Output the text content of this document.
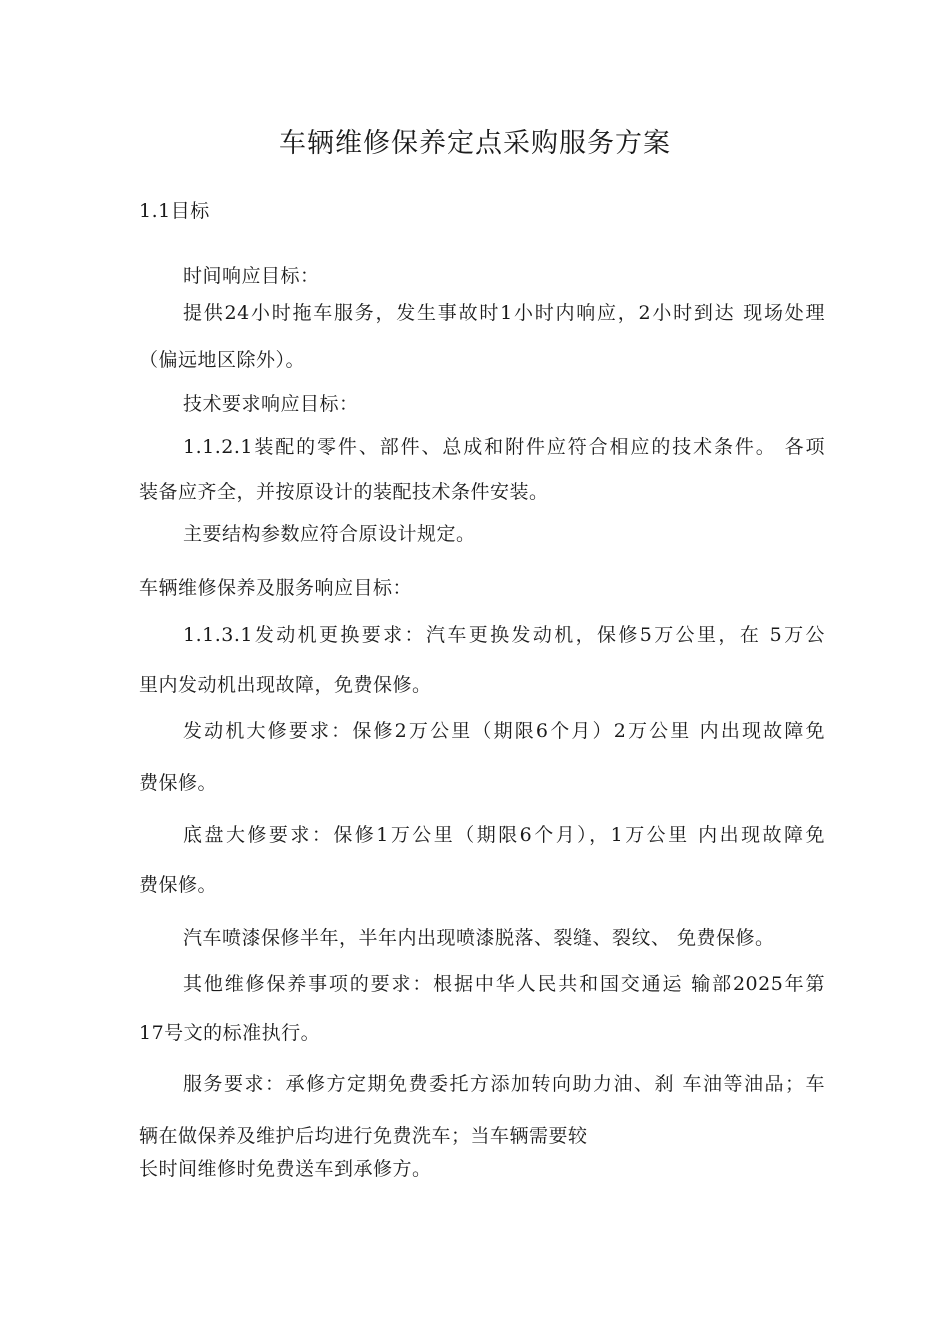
车辆维修保养定点采购服务方案
1.1目标
时间响应目标：
提供24小时拖车服务，发生事故时1小时内响应，2小时到达 现场处理
（偏远地区除外）。
技术要求响应目标：
1.1.2.1装配的零件、部件、总成和附件应符合相应的技术条件。 各项
装备应齐全，并按原设计的装配技术条件安装。
主要结构参数应符合原设计规定。
车辆维修保养及服务响应目标：
1.1.3.1发动机更换要求：汽车更换发动机，保修5万公里，在 5万公
里内发动机出现故障，免费保修。
发动机大修要求：保修2万公里（期限6个月）2万公里 内出现故障免
费保修。
底盘大修要求：保修1万公里（期限6个月），1万公里 内出现故障免
费保修。
汽车喷漆保修半年，半年内出现喷漆脱落、裂缝、裂纹、 免费保修。
其他维修保养事项的要求：根据中华人民共和国交通运 输部2025年第
17号文的标准执行。
服务要求：承修方定期免费委托方添加转向助力油、刹 车油等油品；车
辆在做保养及维护后均进行免费洗车；当车辆需要较
长时间维修时免费送车到承修方。
